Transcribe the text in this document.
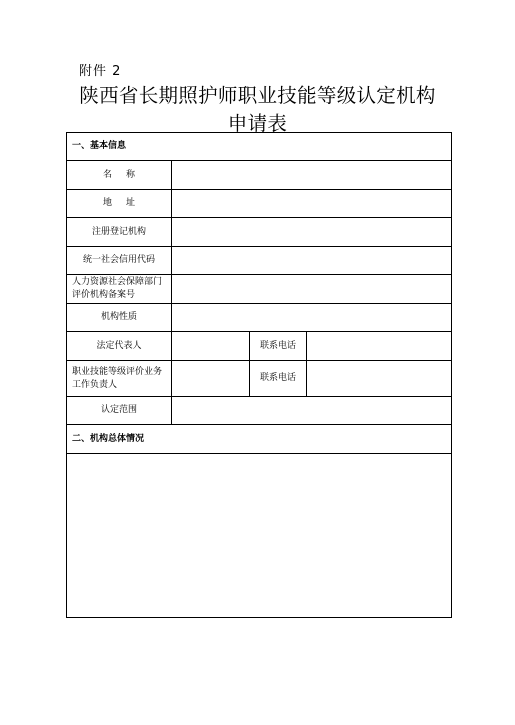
附件 2
陕西省长期照护师职业技能等级认定机构
申请表
一、基本信息			
名称			
地址			
注册登记机构			
统一社会信用代码			
人力资源社会保障部门评价机构备案号			
机构性质			
法定代表人		联系电话	
职业技能等级评价业务工作负责人		联系电话	
认定范围			
二、机构总体情况			
